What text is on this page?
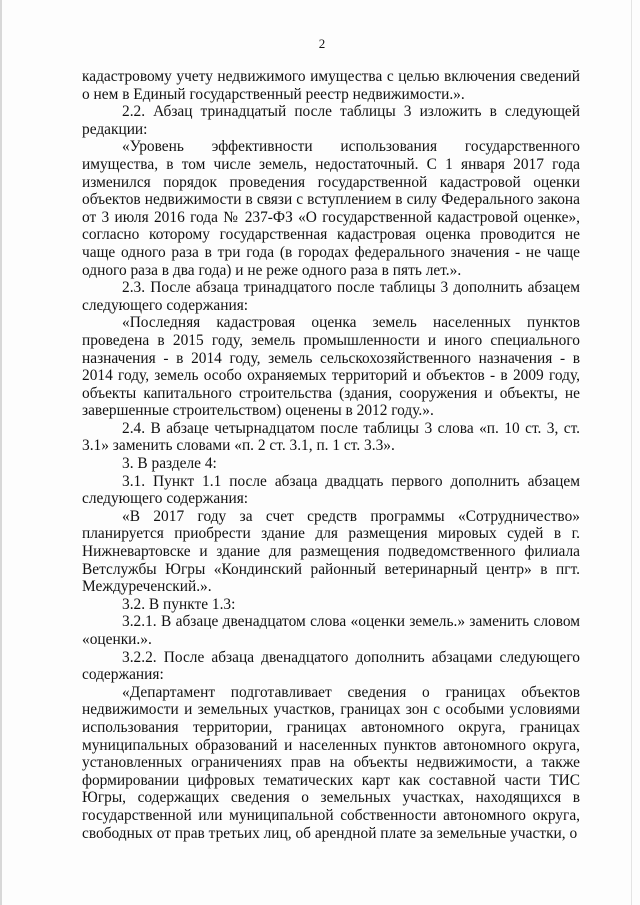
2

кадастровому учету недвижимого имущества с целью включения сведений о нем в Единый государственный реестр недвижимости.».

2.2. Абзац тринадцатый после таблицы 3 изложить в следующей редакции:

«Уровень эффективности использования государственного имущества, в том числе земель, недостаточный. С 1 января 2017 года изменился порядок проведения государственной кадастровой оценки объектов недвижимости в связи с вступлением в силу Федерального закона от 3 июля 2016 года № 237-ФЗ «О государственной кадастровой оценке», согласно которому государственная кадастровая оценка проводится не чаще одного раза в три года (в городах федерального значения - не чаще одного раза в два года) и не реже одного раза в пять лет.».

2.3. После абзаца тринадцатого после таблицы 3 дополнить абзацем следующего содержания:

«Последняя кадастровая оценка земель населенных пунктов проведена в 2015 году, земель промышленности и иного специального назначения - в 2014 году, земель сельскохозяйственного назначения - в 2014 году, земель особо охраняемых территорий и объектов - в 2009 году, объекты капитального строительства (здания, сооружения и объекты, не завершенные строительством) оценены в 2012 году.».

2.4. В абзаце четырнадцатом после таблицы 3 слова «п. 10 ст. 3, ст. 3.1» заменить словами «п. 2 ст. 3.1, п. 1 ст. 3.3».

3. В разделе 4:

3.1. Пункт 1.1 после абзаца двадцать первого дополнить абзацем следующего содержания:

«В 2017 году за счет средств программы «Сотрудничество» планируется приобрести здание для размещения мировых судей в г. Нижневартовске и здание для размещения подведомственного филиала Ветслужбы Югры «Кондинский районный ветеринарный центр» в пгт. Междуреченский.».

3.2. В пункте 1.3:

3.2.1. В абзаце двенадцатом слова «оценки земель.» заменить словом «оценки.».

3.2.2. После абзаца двенадцатого дополнить абзацами следующего содержания:

«Департамент подготавливает сведения о границах объектов недвижимости и земельных участков, границах зон с особыми условиями использования территории, границах автономного округа, границах муниципальных образований и населенных пунктов автономного округа, установленных ограничениях прав на объекты недвижимости, а также формировании цифровых тематических карт как составной части ТИС Югры, содержащих сведения о земельных участках, находящихся в государственной или муниципальной собственности автономного округа, свободных от прав третьих лиц, об арендной плате за земельные участки, о
